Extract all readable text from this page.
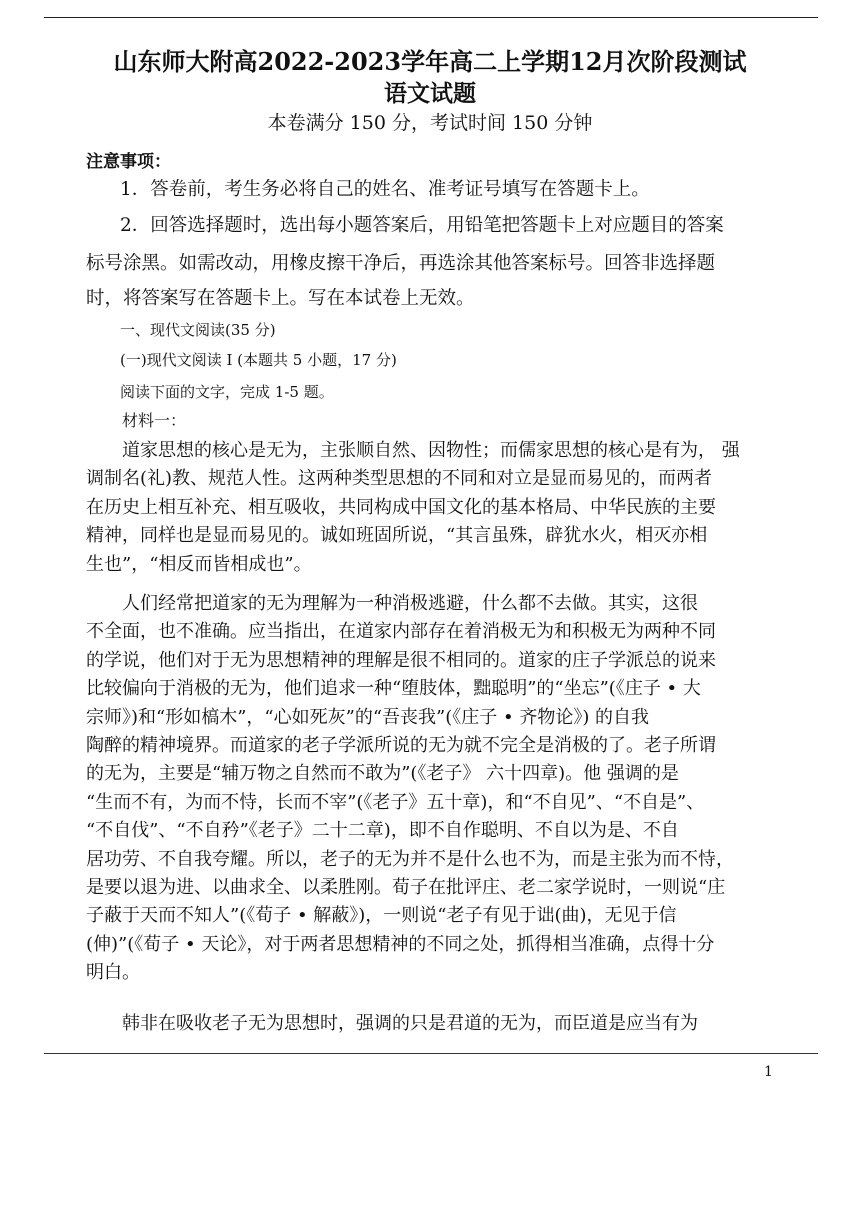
山东师大附高2022-2023学年高二上学期12月次阶段测试
语文试题
本卷满分 150 分，考试时间 150 分钟
注意事项：
1．答卷前，考生务必将自己的姓名、准考证号填写在答题卡上。
2．回答选择题时，选出每小题答案后，用铅笔把答题卡上对应题目的答案
标号涂黑。如需改动，用橡皮擦干净后，再选涂其他答案标号。回答非选择题
时，将答案写在答题卡上。写在本试卷上无效。
一、现代文阅读(35 分)
(一)现代文阅读 I (本题共 5 小题，17 分)
阅读下面的文字，完成 1-5 题。
材料一：
道家思想的核心是无为，主张顺自然、因物性；而儒家思想的核心是有为， 强
调制名(礼)教、规范人性。这两种类型思想的不同和对立是显而易见的，而两者
在历史上相互补充、相互吸收，共同构成中国文化的基本格局、中华民族的主要
精神，同样也是显而易见的。诚如班固所说，“其言虽殊，辟犹水火，相灭亦相
生也”，“相反而皆相成也”。
人们经常把道家的无为理解为一种消极逃避，什么都不去做。其实，这很
不全面，也不准确。应当指出，在道家内部存在着消极无为和积极无为两种不同
的学说，他们对于无为思想精神的理解是很不相同的。道家的庄子学派总的说来
比较偏向于消极的无为，他们追求一种“堕肢体，黜聪明”的“坐忘”(《庄子 • 大
宗师》)和“形如槁木”，“心如死灰”的“吾丧我”(《庄子 • 齐物论》) 的自我
陶醉的精神境界。而道家的老子学派所说的无为就不完全是消极的了。老子所谓
的无为，主要是“辅万物之自然而不敢为”(《老子》 六十四章)。他 强调的是
“生而不有，为而不恃，长而不宰”(《老子》五十章)，和“不自见”、“不自是”、
“不自伐”、“不自矜”《老子》二十二章)，即不自作聪明、不自以为是、不自
居功劳、不自我夸耀。所以，老子的无为并不是什么也不为，而是主张为而不恃，
是要以退为进、以曲求全、以柔胜刚。荀子在批评庄、老二家学说时，一则说“庄
子蔽于天而不知人”(《荀子 • 解蔽》)，一则说“老子有见于诎(曲)，无见于信
(伸)”(《荀子 • 天论》，对于两者思想精神的不同之处，抓得相当准确，点得十分
明白。
韩非在吸收老子无为思想时，强调的只是君道的无为，而臣道是应当有为
1
